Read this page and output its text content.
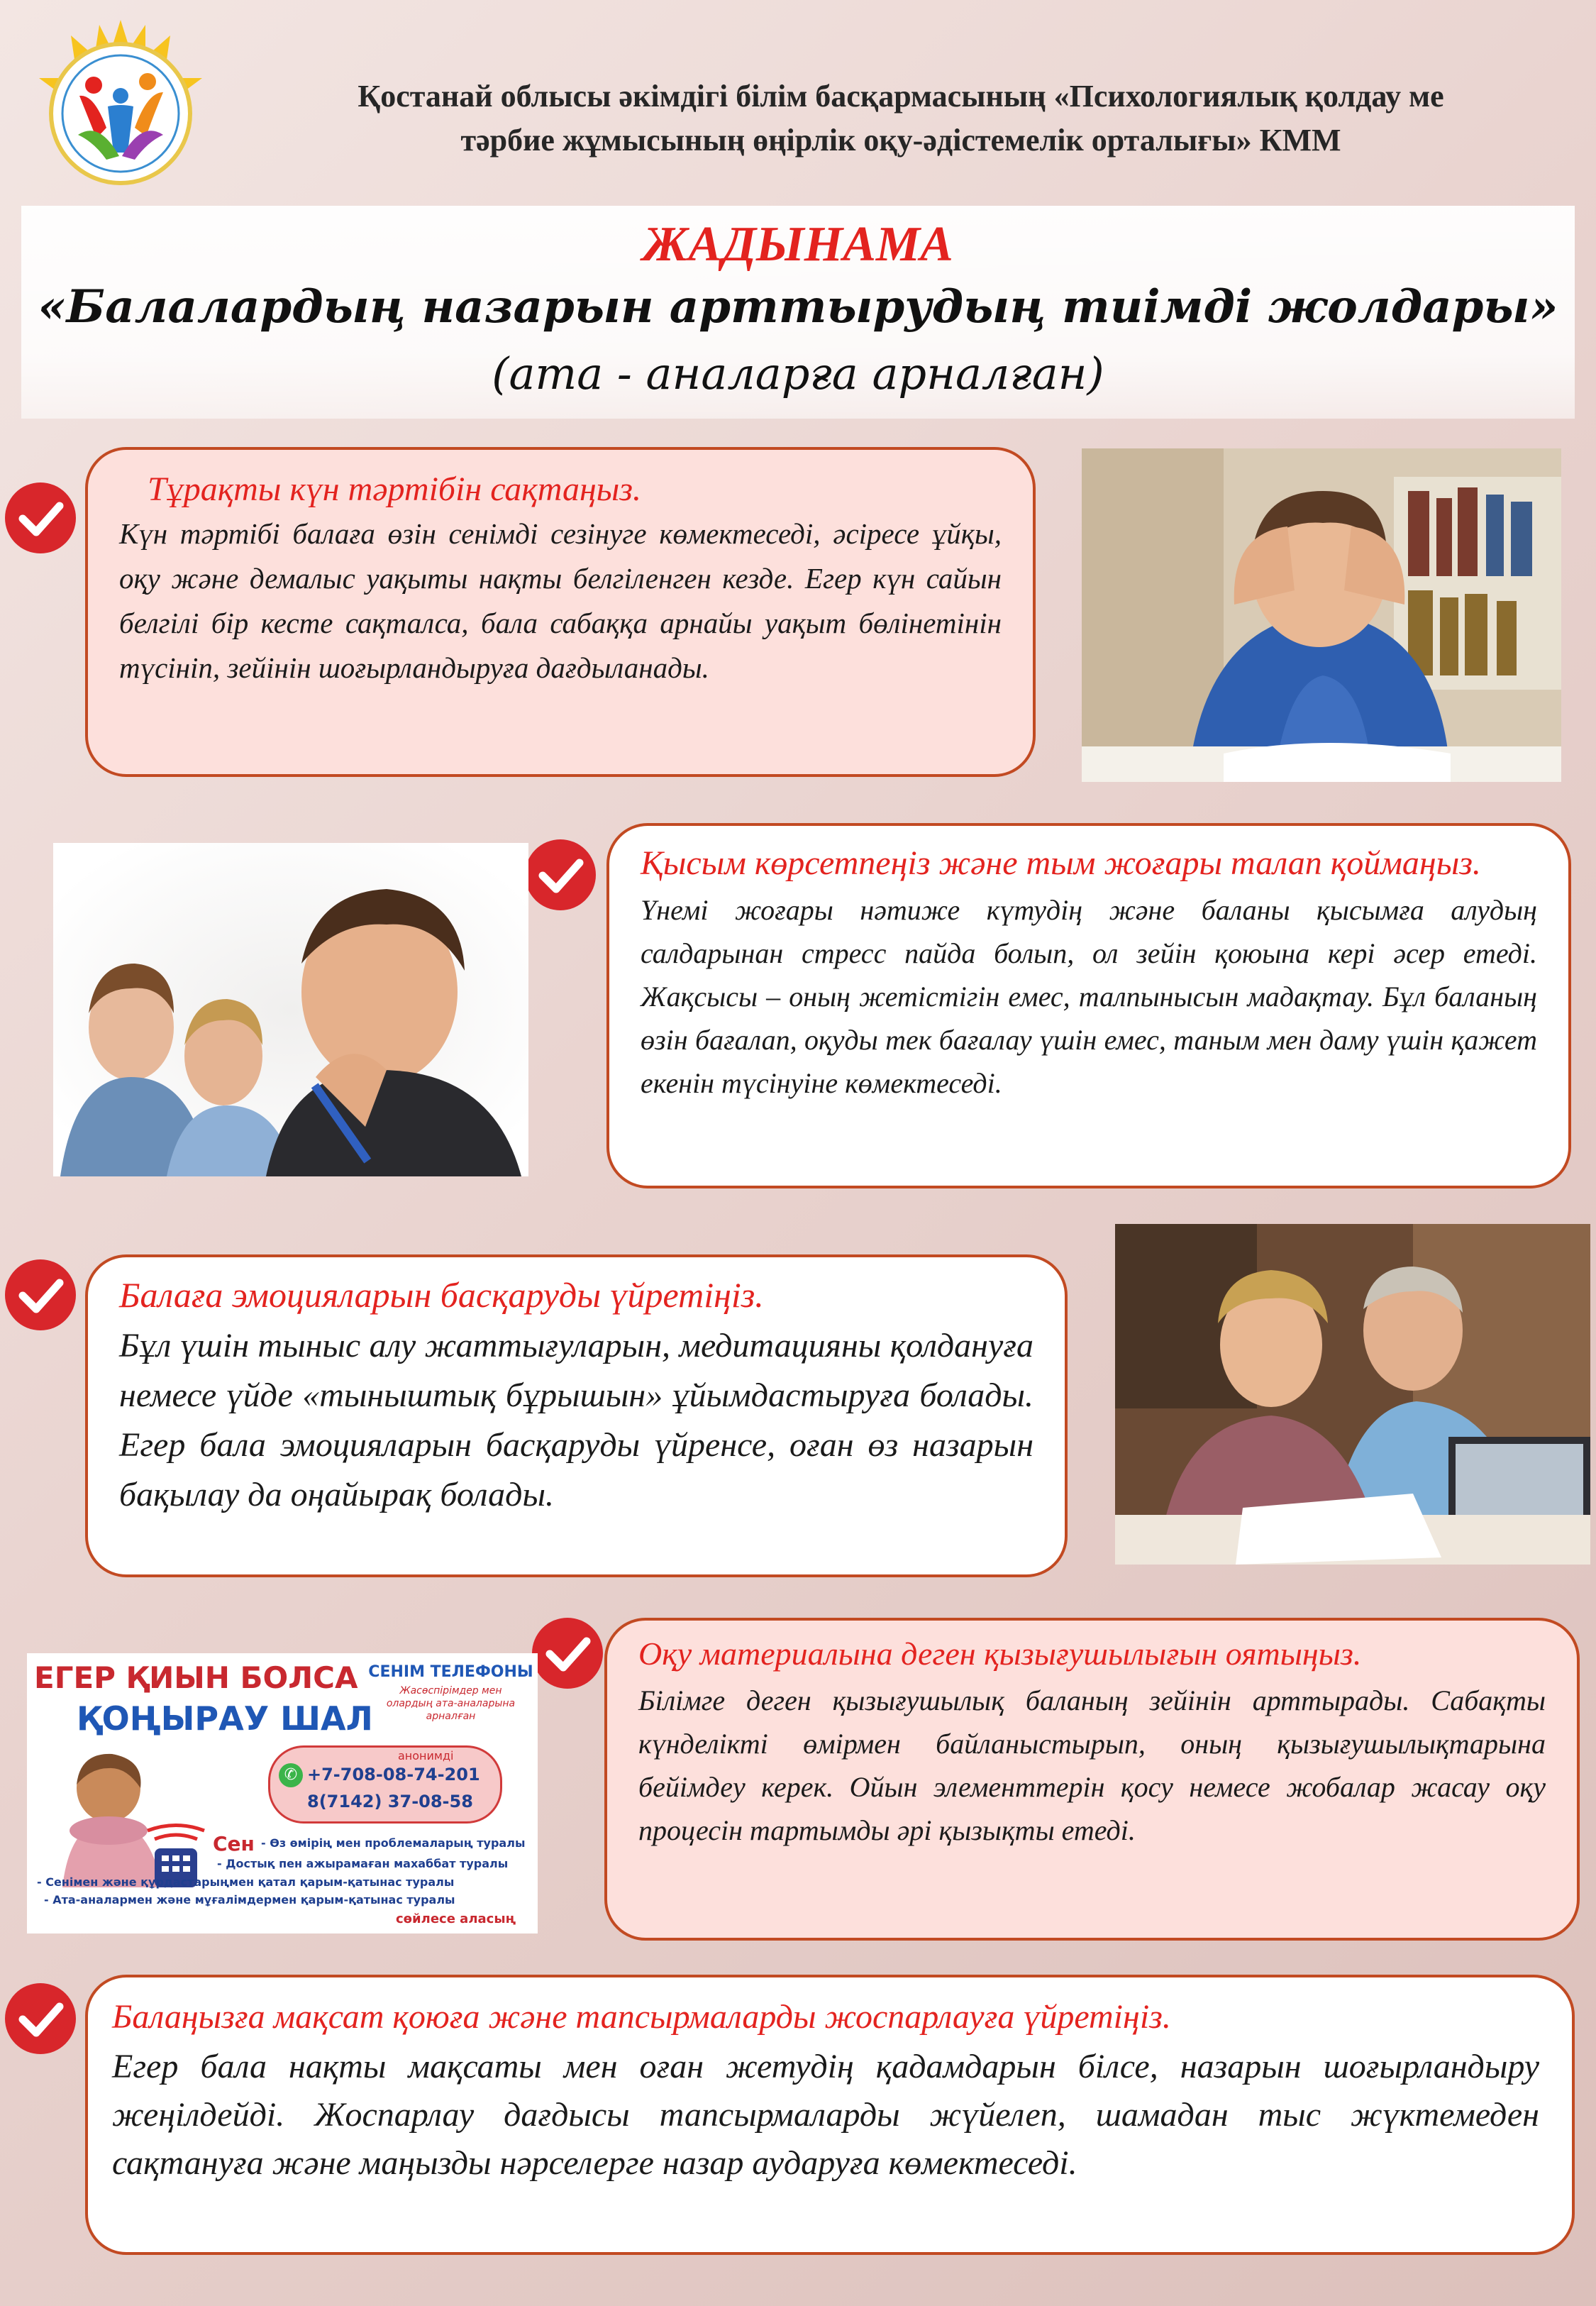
Қостанай облысы әкімдігі білім басқармасының «Психологиялық қолдау ме
тәрбие жұмысының өңірлік оқу-әдістемелік орталығы» КММ
ЖАДЫНАМА
«Балалардың назарын арттырудың тиімді жолдары»
(ата - аналарға арналған)

Тұрақты күн тәртібін сақтаңыз.

Күн тәртібі балаға өзін сенімді сезінуге көмектеседі, әсіресе ұйқы, оқу және демалыс уақыты нақты белгіленген кезде. Егер күн сайын белгілі бір кесте сақталса, бала сабаққа арнайы уақыт бөлінетінін түсініп, зейінін шоғырландыруға дағдыланады.

Қысым көрсетпеңіз және тым жоғары талап қоймаңыз.

Үнемі жоғары нәтиже күтудің және баланы қысымға алудың салдарынан стресс пайда болып, ол зейін қоюына кері әсер етеді. Жақсысы – оның жетістігін емес, талпынысын мадақтау. Бұл баланың өзін бағалап, оқуды тек бағалау үшін емес, таным мен даму үшін қажет екенін түсінуіне көмектеседі.

Балаға эмоцияларын басқаруды үйретіңіз.

Бұл үшін тыныс алу жаттығуларын, медитацияны қолдануға немесе үйде «тыныштық бұрышын» ұйымдастыруға болады. Егер бала эмоцияларын басқаруды үйренсе, оған өз назарын бақылау да оңайырақ болады.

ЕГЕР ҚИЫН БОЛСА
ҚОҢЫРАУ ШАЛ
СЕНІМ ТЕЛЕФОНЫ
Жасөспірімдер мен
олардың ата-аналарына
арналған
анонимді
✆ +7-708-08-74-201
8(7142) 37-08-58
Сен - Өз өмірің мен проблемаларың туралы
- Достық пен ажырамаған махаббат туралы
- Сенімен және құрдастарыңмен қатал қарым-қатынас туралы
- Ата-аналармен және мұғалімдермен қарым-қатынас туралы
сөйлесе аласың

Оқу материалына деген қызығушылығын оятыңыз.

Білімге деген қызығушылық баланың зейінін арттырады. Сабақты күнделікті өмірмен байланыстырып, оның қызығушылықтарына бейімдеу керек. Ойын элементтерін қосу немесе жобалар жасау оқу процесін тартымды әрі қызықты етеді.

Балаңызға мақсат қоюға және тапсырмаларды жоспарлауға үйретіңіз.

Егер бала нақты мақсаты мен оған жетудің қадамдарын білсе, назарын шоғырландыру жеңілдейді. Жоспарлау дағдысы тапсырмаларды жүйелеп, шамадан тыс жүктемеден сақтануға және маңызды нәрселерге назар аударуға көмектеседі.
